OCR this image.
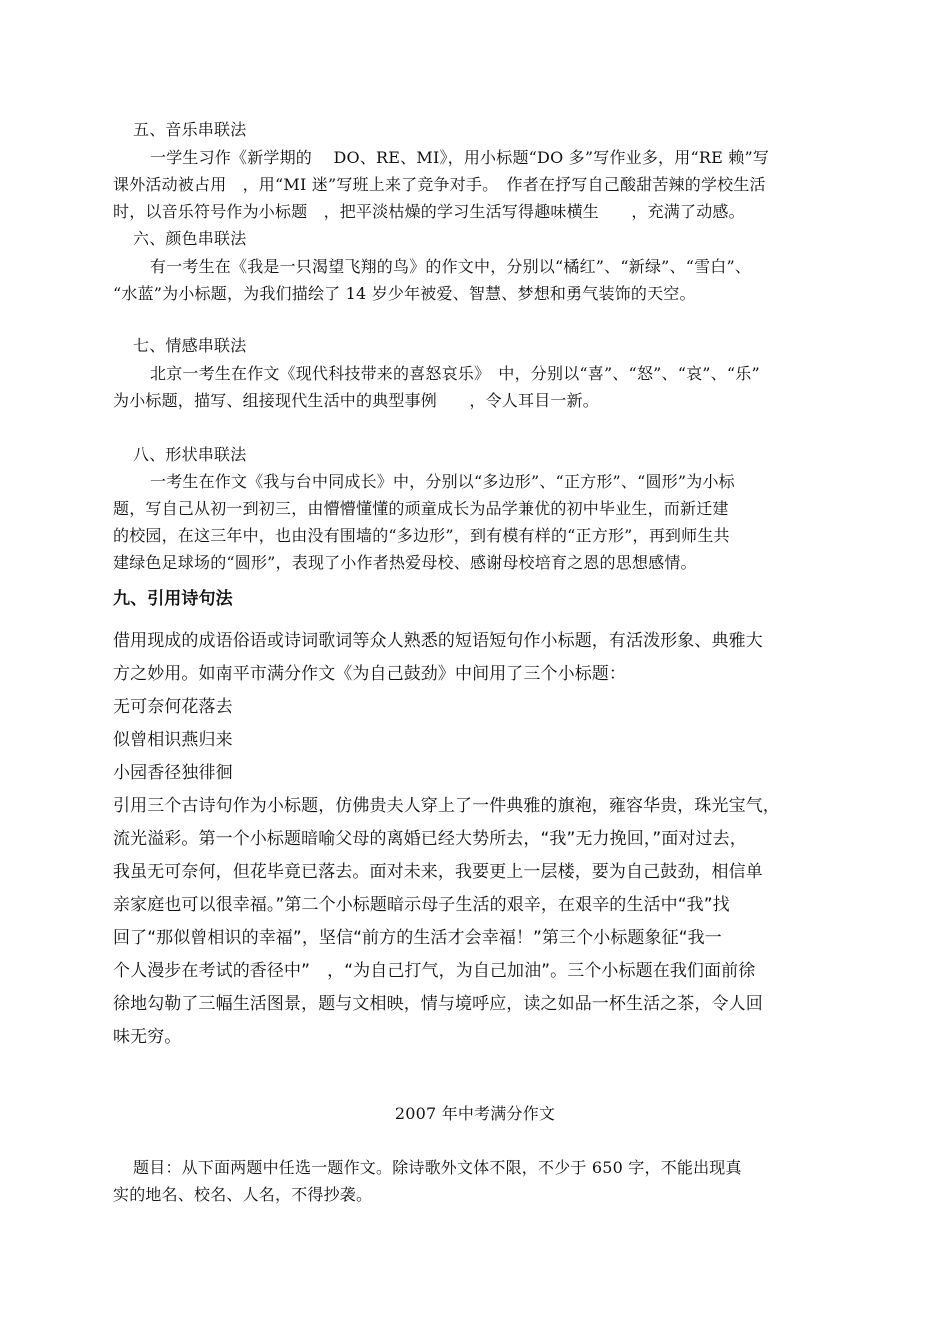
五、音乐串联法
一学生习作《新学期的　 DO、RE、MI》，用小标题“DO 多”写作业多，用“RE 赖”写
课外活动被占用　，用“MI 迷”写班上来了竞争对手。　作者在抒写自己酸甜苦辣的学校生活
时，以音乐符号作为小标题　，把平淡枯燥的学习生活写得趣味横生　　，充满了动感。
六、颜色串联法
有一考生在《我是一只渴望飞翔的鸟》的作文中，分别以“橘红”、“新绿”、“雪白”、
“水蓝”为小标题，为我们描绘了 14 岁少年被爱、智慧、梦想和勇气装饰的天空。
七、情感串联法
北京一考生在作文《现代科技带来的喜怒哀乐》　中，分别以“喜”、“怒”、“哀”、“乐”
为小标题，描写、组接现代生活中的典型事例　　，令人耳目一新。
八、形状串联法
一考生在作文《我与台中同成长》中，分别以“多边形”、“正方形”、“圆形”为小标
题，写自己从初一到初三，由懵懵懂懂的顽童成长为品学兼优的初中毕业生，而新迁建
的校园，在这三年中，也由没有围墙的“多边形”，到有模有样的“正方形”，再到师生共
建绿色足球场的“圆形”，表现了小作者热爱母校、感谢母校培育之恩的思想感情。
九、引用诗句法
借用现成的成语俗语或诗词歌词等众人熟悉的短语短句作小标题，有活泼形象、典雅大
方之妙用。如南平市满分作文《为自己鼓劲》中间用了三个小标题：
无可奈何花落去
似曾相识燕归来
小园香径独徘徊
引用三个古诗句作为小标题，仿佛贵夫人穿上了一件典雅的旗袍，雍容华贵，珠光宝气，
流光溢彩。第一个小标题暗喻父母的离婚已经大势所去，“我”无力挽回，”面对过去，
我虽无可奈何，但花毕竟已落去。面对未来，我要更上一层楼，要为自己鼓劲，相信单
亲家庭也可以很幸福。”第二个小标题暗示母子生活的艰辛，在艰辛的生活中“我”找
回了“那似曾相识的幸福”，坚信“前方的生活才会幸福！”第三个小标题象征“我一
个人漫步在考试的香径中”　，“为自己打气，为自己加油”。三个小标题在我们面前徐
徐地勾勒了三幅生活图景，题与文相映，情与境呼应，读之如品一杯生活之茶，令人回
味无穷。
2007 年中考满分作文
题目：从下面两题中任选一题作文。除诗歌外文体不限，不少于 650 字，不能出现真
实的地名、校名、人名，不得抄袭。
